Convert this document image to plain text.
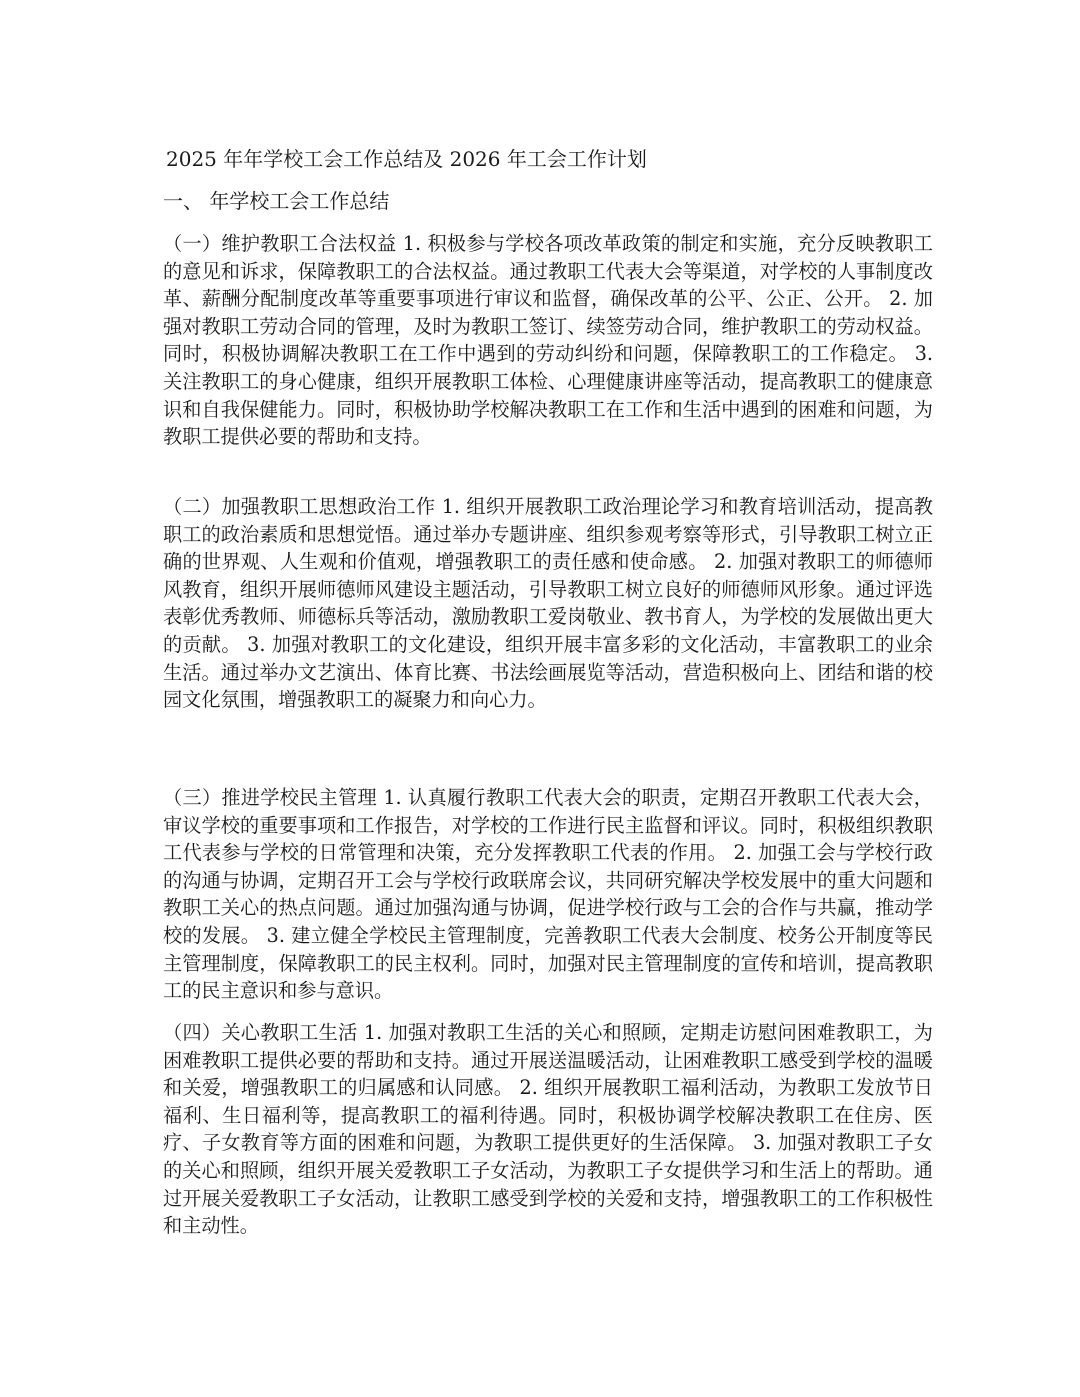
2025 年年学校工会工作总结及 2026 年工会工作计划
一、 年学校工会工作总结
（一）维护教职工合法权益 1. 积极参与学校各项改革政策的制定和实施，充分反映教职工的意见和诉求，保障教职工的合法权益。通过教职工代表大会等渠道，对学校的人事制度改革、薪酬分配制度改革等重要事项进行审议和监督，确保改革的公平、公正、公开。 2. 加强对教职工劳动合同的管理，及时为教职工签订、续签劳动合同，维护教职工的劳动权益。同时，积极协调解决教职工在工作中遇到的劳动纠纷和问题，保障教职工的工作稳定。 3. 关注教职工的身心健康，组织开展教职工体检、心理健康讲座等活动，提高教职工的健康意识和自我保健能力。同时，积极协助学校解决教职工在工作和生活中遇到的困难和问题，为教职工提供必要的帮助和支持。
（二）加强教职工思想政治工作 1. 组织开展教职工政治理论学习和教育培训活动，提高教职工的政治素质和思想觉悟。通过举办专题讲座、组织参观考察等形式，引导教职工树立正确的世界观、人生观和价值观，增强教职工的责任感和使命感。 2. 加强对教职工的师德师风教育，组织开展师德师风建设主题活动，引导教职工树立良好的师德师风形象。通过评选表彰优秀教师、师德标兵等活动，激励教职工爱岗敬业、教书育人，为学校的发展做出更大的贡献。 3. 加强对教职工的文化建设，组织开展丰富多彩的文化活动，丰富教职工的业余生活。通过举办文艺演出、体育比赛、书法绘画展览等活动，营造积极向上、团结和谐的校园文化氛围，增强教职工的凝聚力和向心力。
（三）推进学校民主管理 1. 认真履行教职工代表大会的职责，定期召开教职工代表大会，审议学校的重要事项和工作报告，对学校的工作进行民主监督和评议。同时，积极组织教职工代表参与学校的日常管理和决策，充分发挥教职工代表的作用。 2. 加强工会与学校行政的沟通与协调，定期召开工会与学校行政联席会议，共同研究解决学校发展中的重大问题和教职工关心的热点问题。通过加强沟通与协调，促进学校行政与工会的合作与共赢，推动学校的发展。 3. 建立健全学校民主管理制度，完善教职工代表大会制度、校务公开制度等民主管理制度，保障教职工的民主权利。同时，加强对民主管理制度的宣传和培训，提高教职工的民主意识和参与意识。
（四）关心教职工生活 1. 加强对教职工生活的关心和照顾，定期走访慰问困难教职工，为困难教职工提供必要的帮助和支持。通过开展送温暖活动，让困难教职工感受到学校的温暖和关爱，增强教职工的归属感和认同感。 2. 组织开展教职工福利活动，为教职工发放节日福利、生日福利等，提高教职工的福利待遇。同时，积极协调学校解决教职工在住房、医疗、子女教育等方面的困难和问题，为教职工提供更好的生活保障。 3. 加强对教职工子女的关心和照顾，组织开展关爱教职工子女活动，为教职工子女提供学习和生活上的帮助。通过开展关爱教职工子女活动，让教职工感受到学校的关爱和支持，增强教职工的工作积极性和主动性。
